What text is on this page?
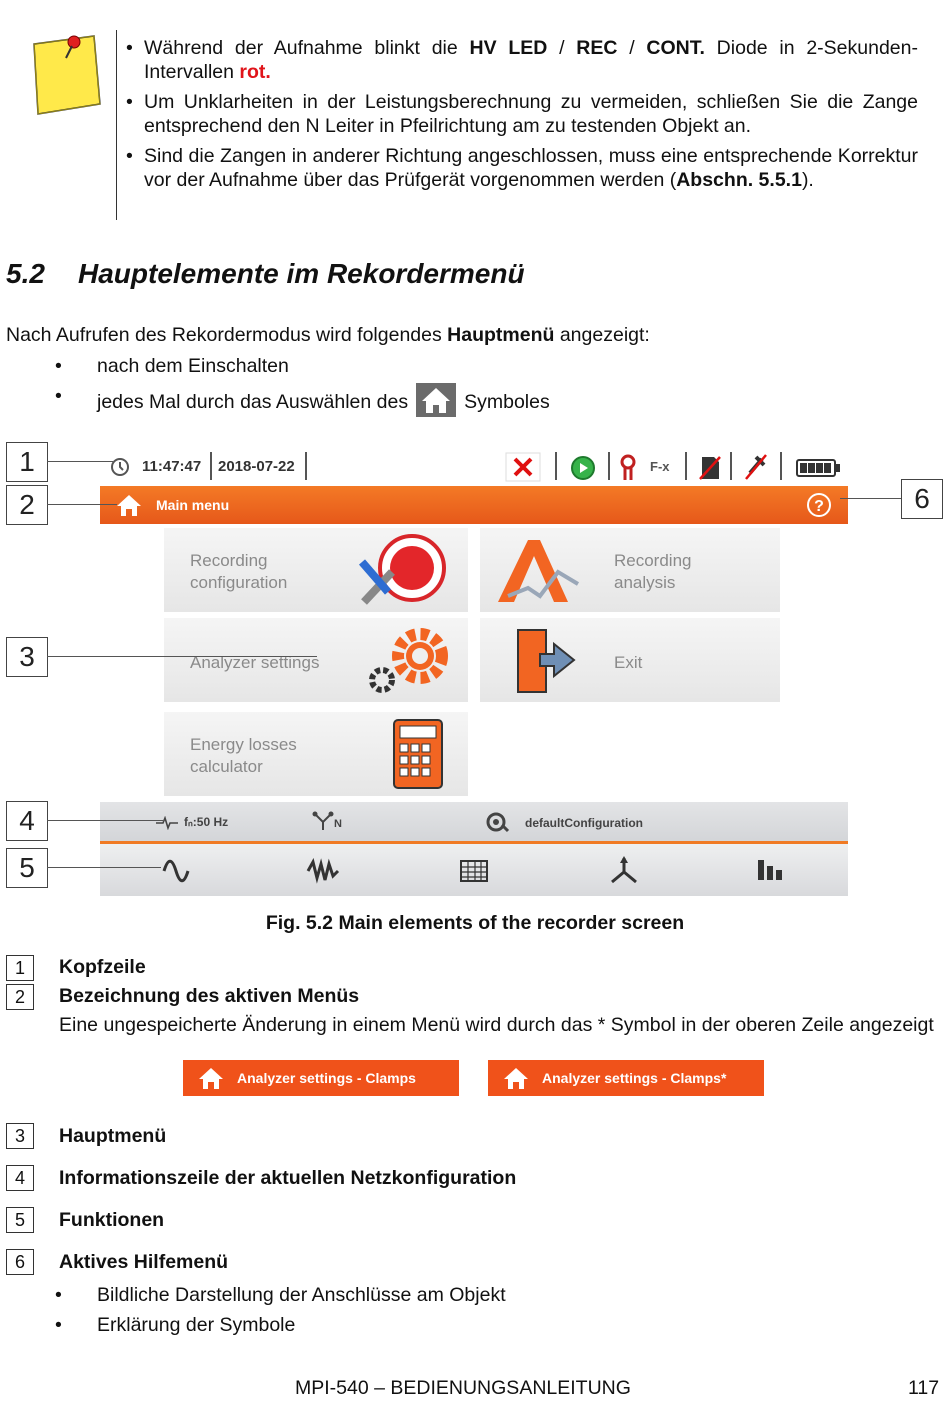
• Während der Aufnahme blinkt die HV LED / REC / CONT. Diode in 2-Sekunden-Intervallen rot.
• Um Unklarheiten in der Leistungsberechnung zu vermeiden, schließen Sie die Zange entsprechend den N Leiter in Pfeilrichtung am zu testenden Objekt an.
• Sind die Zangen in anderer Richtung angeschlossen, muss eine entsprechende Korrektur vor der Aufnahme über das Prüfgerät vorgenommen werden (Abschn. 5.5.1).
5.2 Hauptelemente im Rekordermenü
Nach Aufrufen des Rekordermodus wird folgendes Hauptmenü angezeigt:
• nach dem Einschalten
• jedes Mal durch das Auswählen des	Symboles
11:47:47 2018-07-22	F-x
Main menu	?
Recording
configuration
Recording
analysis
Analyzer settings	Exit
Energy losses
calculator
fₙ:50 Hz	N	defaultConfiguration
1
2
3
4
5
6
Fig. 5.2 Main elements of the recorder screen
1	Kopfzeile
2	Bezeichnung des aktiven Menüs
Eine ungespeicherte Änderung in einem Menü wird durch das * Symbol in der oberen Zeile angezeigt
Analyzer settings - Clamps	Analyzer settings - Clamps*
3	Hauptmenü
4	Informationszeile der aktuellen Netzkonfiguration
5	Funktionen
6	Aktives Hilfemenü
• Bildliche Darstellung der Anschlüsse am Objekt
• Erklärung der Symbole
MPI-540 – BEDIENUNGSANLEITUNG	117
